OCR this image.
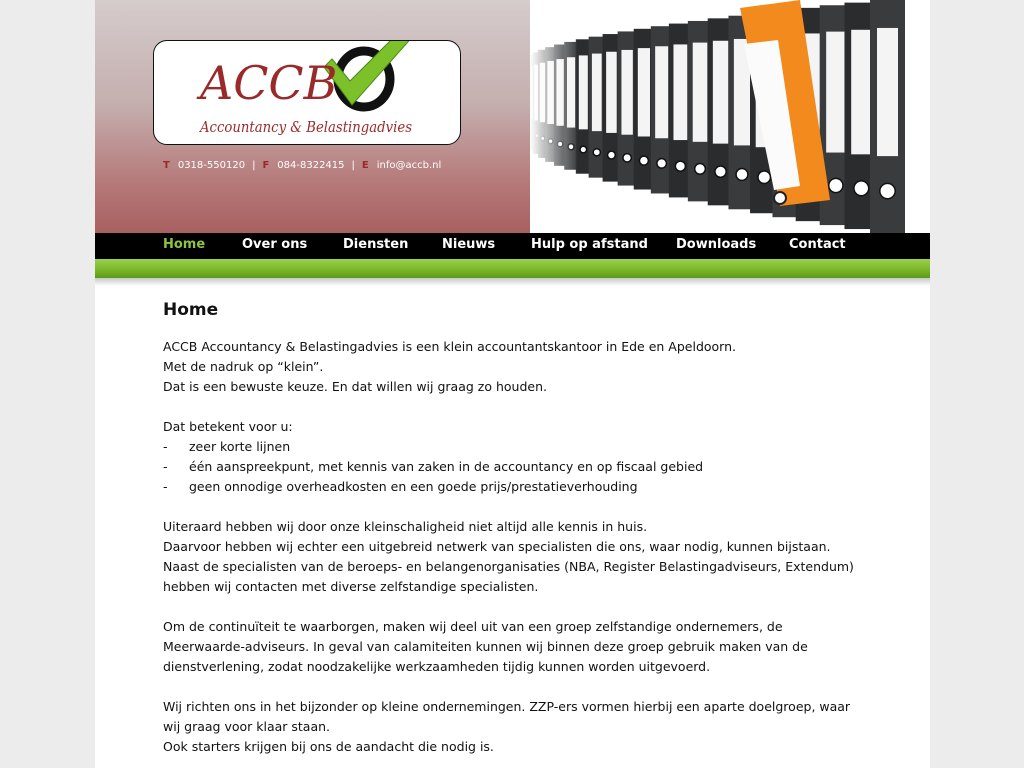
ACCB
Accountancy & Belastingadvies
T 0318-550120 | F 084-8322415 | E info@accb.nl
Home	Over ons	Diensten	Nieuws	Hulp op afstand Downloads	Contact
Home

ACCB Accountancy & Belastingadvies is een klein accountantskantoor in Ede en Apeldoorn.

Met de nadruk op “klein”.

Dat is een bewuste keuze. En dat willen wij graag zo houden.

Dat betekent voor u:

- zeer korte lijnen

- één aanspreekpunt, met kennis van zaken in de accountancy en op fiscaal gebied

- geen onnodige overheadkosten en een goede prijs/prestatieverhouding

Uiteraard hebben wij door onze kleinschaligheid niet altijd alle kennis in huis.

Daarvoor hebben wij echter een uitgebreid netwerk van specialisten die ons, waar nodig, kunnen bijstaan. Naast de specialisten van de beroeps- en belangenorganisaties (NBA, Register Belastingadviseurs, Extendum) hebben wij contacten met diverse zelfstandige specialisten.

Om de continuïteit te waarborgen, maken wij deel uit van een groep zelfstandige ondernemers, de Meerwaarde-adviseurs. In geval van calamiteiten kunnen wij binnen deze groep gebruik maken van de dienstverlening, zodat noodzakelijke werkzaamheden tijdig kunnen worden uitgevoerd.

Wij richten ons in het bijzonder op kleine ondernemingen. ZZP-ers vormen hierbij een aparte doelgroep, waar wij graag voor klaar staan.

Ook starters krijgen bij ons de aandacht die nodig is.
